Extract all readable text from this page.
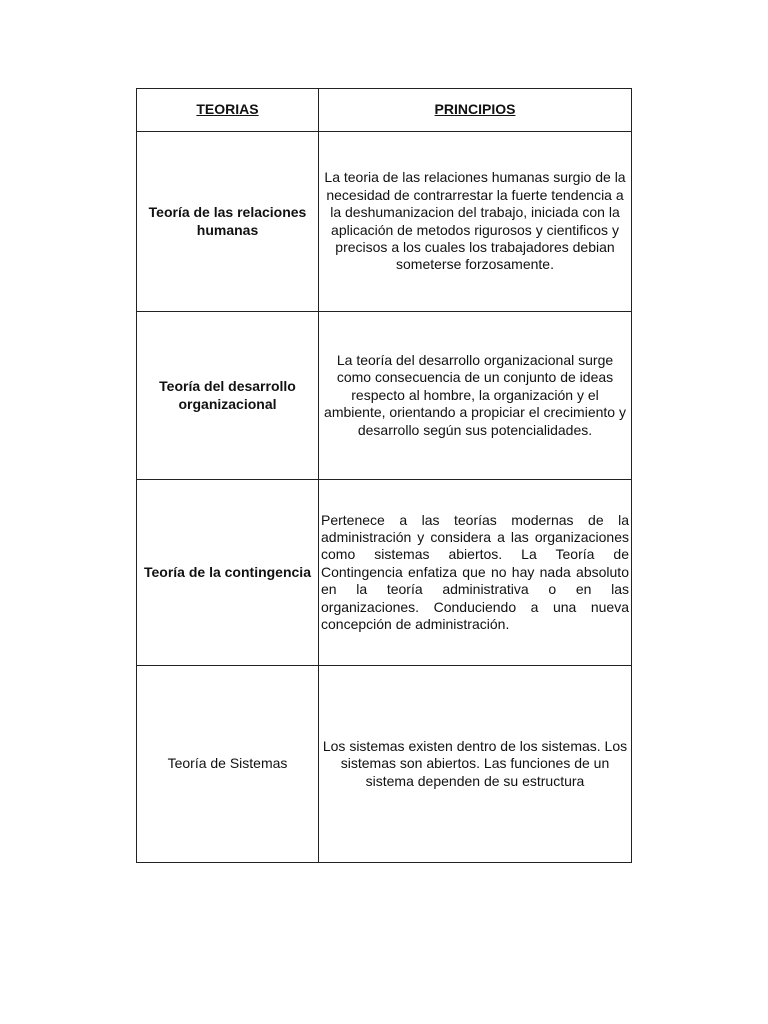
TEORIAS	PRINCIPIOS
Teoría de las relaciones humanas	La teoria de las relaciones humanas surgio de la necesidad de contrarrestar la fuerte tendencia a la deshumanizacion del trabajo, iniciada con la aplicación de metodos rigurosos y cientificos y precisos a los cuales los trabajadores debian someterse forzosamente.
Teoría del desarrollo organizacional	La teoría del desarrollo organizacional surge como consecuencia de un conjunto de ideas respecto al hombre, la organización y el ambiente, orientando a propiciar el crecimiento y desarrollo según sus potencialidades.
Teoría de la contingencia	Pertenece a las teorías modernas de la administración y considera a las organizaciones como sistemas abiertos. La Teoría de Contingencia enfatiza que no hay nada absoluto en la teoría administrativa o en las organizaciones. Conduciendo a una nueva concepción de administración.
Teoría de Sistemas	Los sistemas existen dentro de los sistemas. Los sistemas son abiertos. Las funciones de un sistema dependen de su estructura
